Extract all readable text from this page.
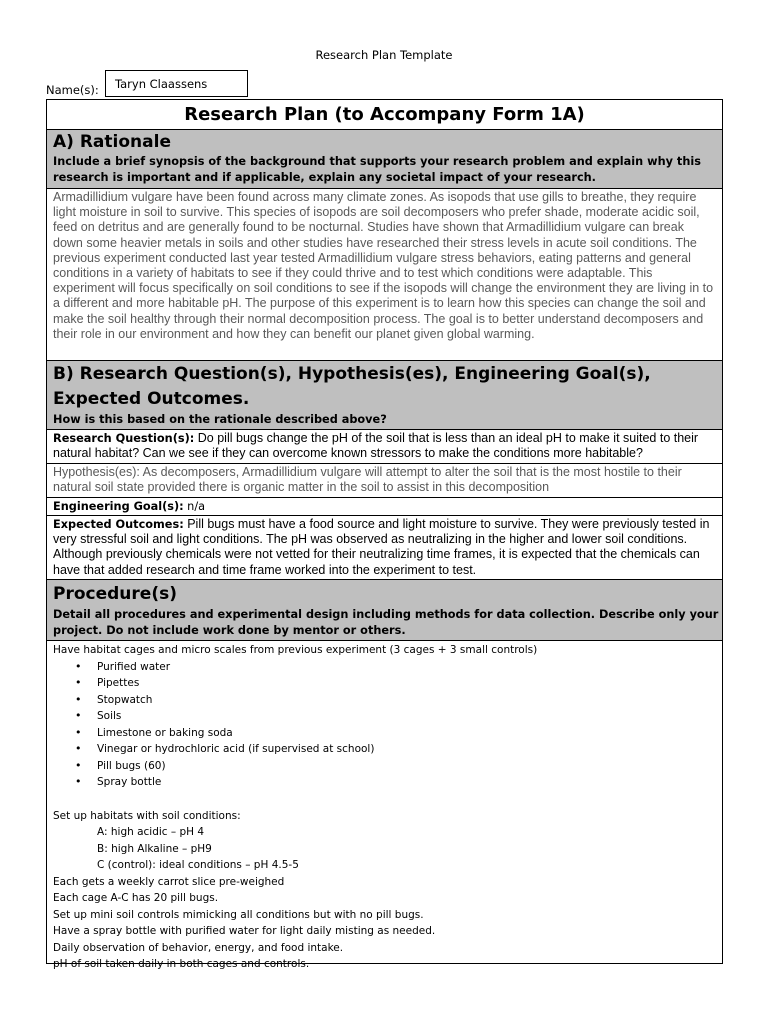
Research Plan Template
Name(s):	Taryn Claassens
Research Plan (to Accompany Form 1A)
A) Rationale
Include a brief synopsis of the background that supports your research problem and explain why this research is important and if applicable, explain any societal impact of your research.
Armadillidium vulgare have been found across many climate zones. As isopods that use gills to breathe, they require light moisture in soil to survive. This species of isopods are soil decomposers who prefer shade, moderate acidic soil, feed on detritus and are generally found to be nocturnal. Studies have shown that Armadillidium vulgare can break down some heavier metals in soils and other studies have researched their stress levels in acute soil conditions. The previous experiment conducted last year tested Armadillidium vulgare stress behaviors, eating patterns and general conditions in a variety of habitats to see if they could thrive and to test which conditions were adaptable. This experiment will focus specifically on soil conditions to see if the isopods will change the environment they are living in to a different and more habitable pH. The purpose of this experiment is to learn how this species can change the soil and make the soil healthy through their normal decomposition process. The goal is to better understand decomposers and their role in our environment and how they can benefit our planet given global warming.
B) Research Question(s), Hypothesis(es), Engineering Goal(s), Expected Outcomes.
How is this based on the rationale described above?
Research Question(s): Do pill bugs change the pH of the soil that is less than an ideal pH to make it suited to their natural habitat? Can we see if they can overcome known stressors to make the conditions more habitable?
Hypothesis(es): As decomposers, Armadillidium vulgare will attempt to alter the soil that is the most hostile to their natural soil state provided there is organic matter in the soil to assist in this decomposition
Engineering Goal(s): n/a
Expected Outcomes: Pill bugs must have a food source and light moisture to survive. They were previously tested in very stressful soil and light conditions. The pH was observed as neutralizing in the higher and lower soil conditions. Although previously chemicals were not vetted for their neutralizing time frames, it is expected that the chemicals can have that added research and time frame worked into the experiment to test.
Procedure(s)
Detail all procedures and experimental design including methods for data collection. Describe only your project. Do not include work done by mentor or others.
Have habitat cages and micro scales from previous experiment (3 cages + 3 small controls)
• Purified water
• Pipettes
• Stopwatch
• Soils
• Limestone or baking soda
• Vinegar or hydrochloric acid (if supervised at school)
• Pill bugs (60)
• Spray bottle
Set up habitats with soil conditions:
A: high acidic – pH 4
B: high Alkaline – pH9
C (control): ideal conditions – pH 4.5-5
Each gets a weekly carrot slice pre-weighed
Each cage A-C has 20 pill bugs.
Set up mini soil controls mimicking all conditions but with no pill bugs.
Have a spray bottle with purified water for light daily misting as needed.
Daily observation of behavior, energy, and food intake.
pH of soil taken daily in both cages and controls.
